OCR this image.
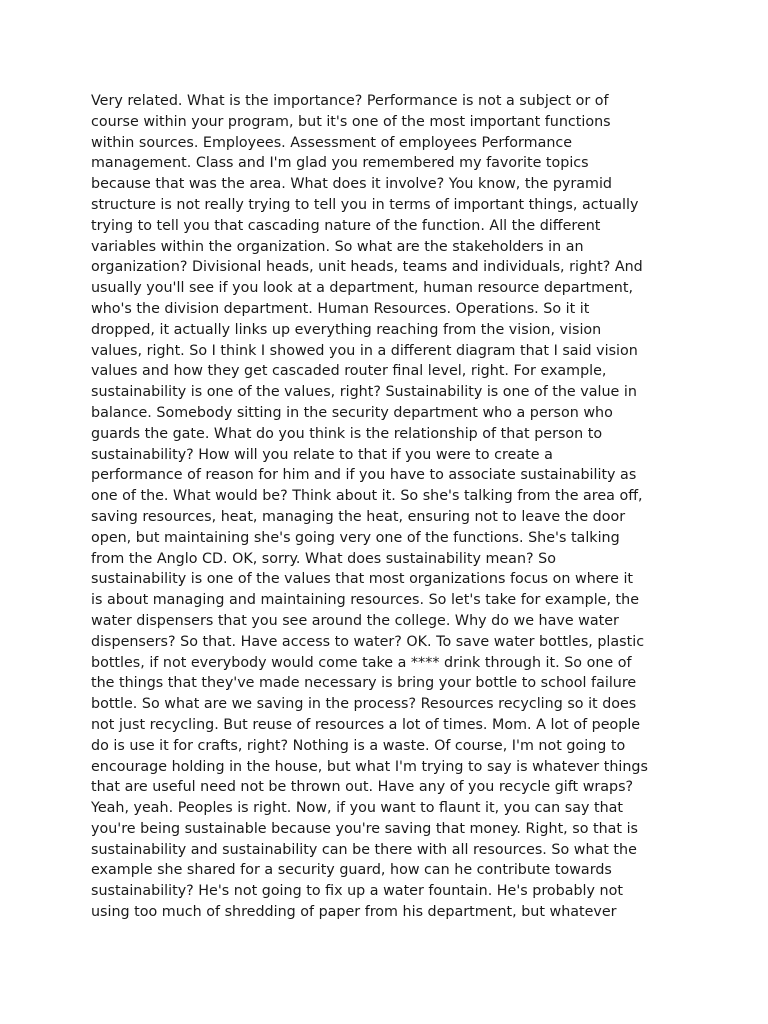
Very related. What is the importance? Performance is not a subject or of
course within your program, but it's one of the most important functions
within sources. Employees. Assessment of employees Performance
management. Class and I'm glad you remembered my favorite topics
because that was the area. What does it involve? You know, the pyramid
structure is not really trying to tell you in terms of important things, actually
trying to tell you that cascading nature of the function. All the different
variables within the organization. So what are the stakeholders in an
organization? Divisional heads, unit heads, teams and individuals, right? And
usually you'll see if you look at a department, human resource department,
who's the division department. Human Resources. Operations. So it it
dropped, it actually links up everything reaching from the vision, vision
values, right. So I think I showed you in a different diagram that I said vision
values and how they get cascaded router final level, right. For example,
sustainability is one of the values, right? Sustainability is one of the value in
balance. Somebody sitting in the security department who a person who
guards the gate. What do you think is the relationship of that person to
sustainability? How will you relate to that if you were to create a
performance of reason for him and if you have to associate sustainability as
one of the. What would be? Think about it. So she's talking from the area off,
saving resources, heat, managing the heat, ensuring not to leave the door
open, but maintaining she's going very one of the functions. She's talking
from the Anglo CD. OK, sorry. What does sustainability mean? So
sustainability is one of the values that most organizations focus on where it
is about managing and maintaining resources. So let's take for example, the
water dispensers that you see around the college. Why do we have water
dispensers? So that. Have access to water? OK. To save water bottles, plastic
bottles, if not everybody would come take a **** drink through it. So one of
the things that they've made necessary is bring your bottle to school failure
bottle. So what are we saving in the process? Resources recycling so it does
not just recycling. But reuse of resources a lot of times. Mom. A lot of people
do is use it for crafts, right? Nothing is a waste. Of course, I'm not going to
encourage holding in the house, but what I'm trying to say is whatever things
that are useful need not be thrown out. Have any of you recycle gift wraps?
Yeah, yeah. Peoples is right. Now, if you want to flaunt it, you can say that
you're being sustainable because you're saving that money. Right, so that is
sustainability and sustainability can be there with all resources. So what the
example she shared for a security guard, how can he contribute towards
sustainability? He's not going to fix up a water fountain. He's probably not
using too much of shredding of paper from his department, but whatever
